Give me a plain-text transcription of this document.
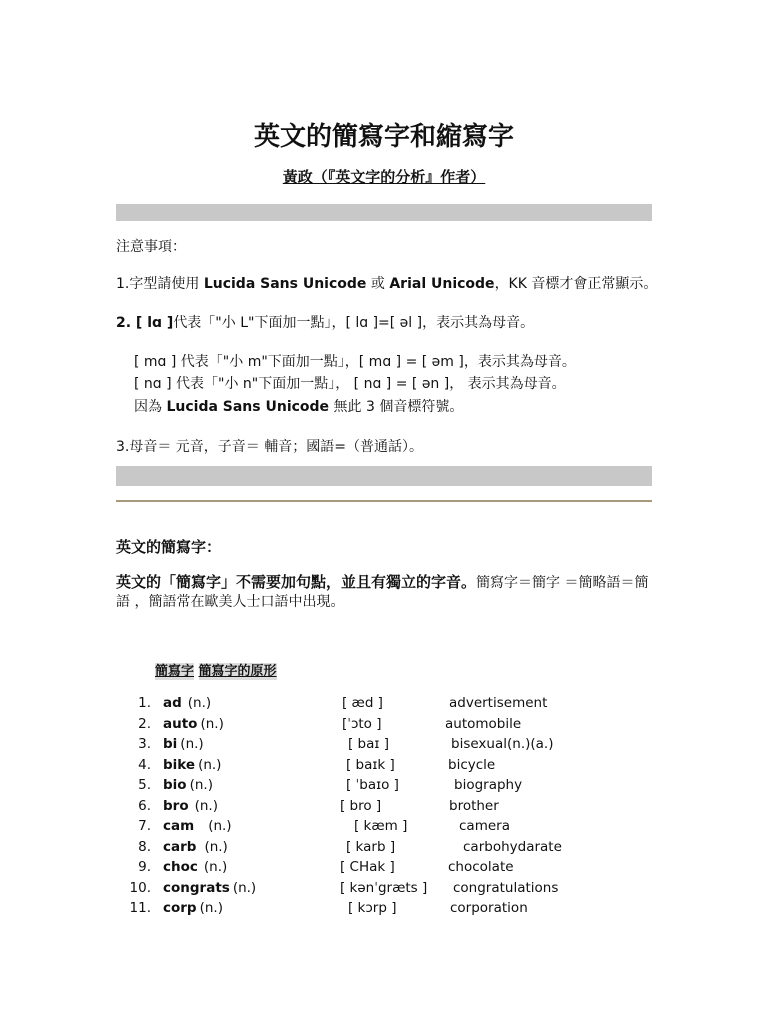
英文的簡寫字和縮寫字
黃政（『英文字的分析』作者）
注意事項：
1.字型請使用 Lucida Sans Unicode 或 Arial Unicode，KK 音標才會正常顯示。
2. [ lɑ ]代表「"小 L"下面加一點」，[ lɑ ]=[ əl ]，表示其為母音。
[ mɑ ] 代表「"小 m"下面加一點」，[ mɑ ] = [ əm ]，表示其為母音。
[ nɑ ] 代表「"小 n"下面加一點」， [ nɑ ] = [ ən ]， 表示其為母音。
因為 Lucida Sans Unicode 無此 3 個音標符號。
3.母音＝ 元音，子音＝ 輔音；國語=（普通話）。
英文的簡寫字：
英文的「簡寫字」不需要加句點，並且有獨立的字音。簡寫字＝簡字 ＝簡略語＝簡語 ，簡語常在歐美人士口語中出現。
簡寫字 簡寫字的原形
1. ad (n.)	[ æd ]	advertisement
2. auto (n.)	[ˈɔto ]	automobile
3. bi (n.)	[ baɪ ]	bisexual(n.)(a.)
4. bike (n.)	[ baɪk ]	bicycle
5. bio (n.)	[ ˈbaɪo ]	biography
6. bro (n.)	[ bro ]	brother
7. cam (n.)	[ kæm ]	camera
8. carb (n.)	[ karb ]	carbohydarate
9. choc (n.)	[ CHak ]	chocolate
10. congrats (n.)	[ kənˈgræts ] congratulations
11. corp (n.)	[ kɔrp ]	corporation
